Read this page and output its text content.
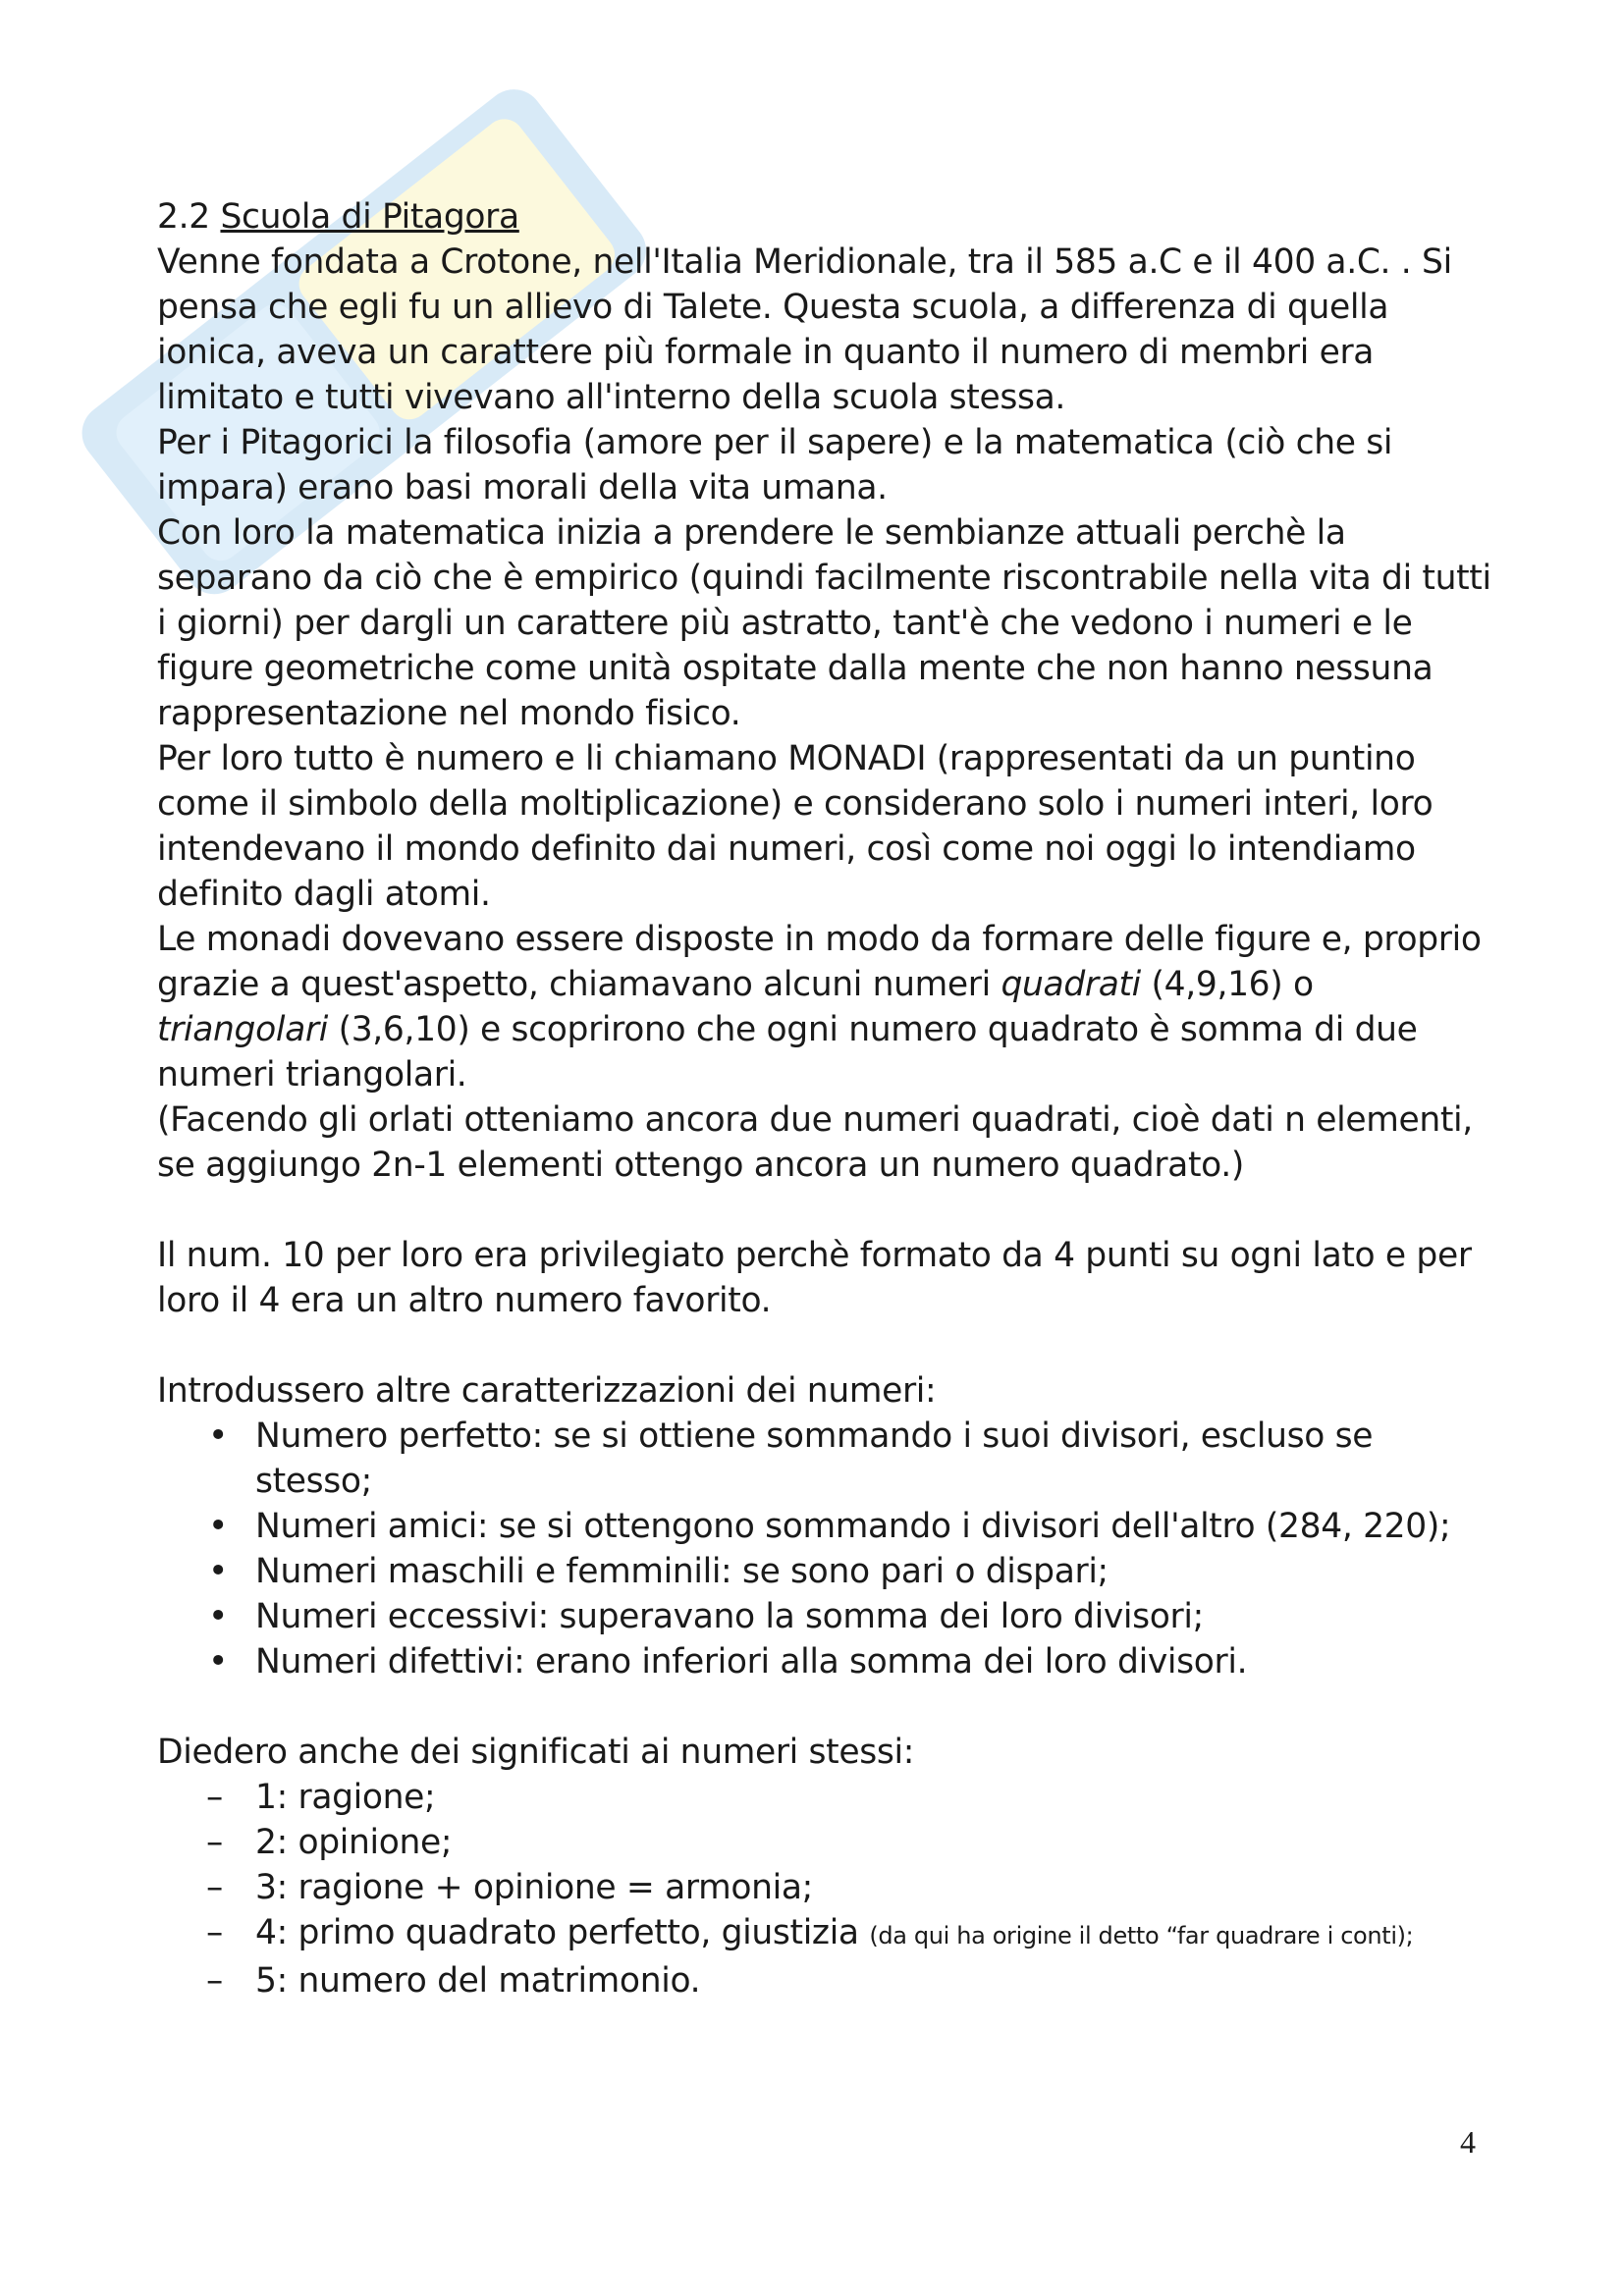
2.2 Scuola di Pitagora

Venne fondata a Crotone, nell'Italia Meridionale, tra il 585 a.C e il 400 a.C. . Si pensa che egli fu un allievo di Talete. Questa scuola, a differenza di quella ionica, aveva un carattere più formale in quanto il numero di membri era limitato e tutti vivevano all'interno della scuola stessa.

Per i Pitagorici la filosofia (amore per il sapere) e la matematica (ciò che si impara) erano basi morali della vita umana.

Con loro la matematica inizia a prendere le sembianze attuali perchè la separano da ciò che è empirico (quindi facilmente riscontrabile nella vita di tutti i giorni) per dargli un carattere più astratto, tant'è che vedono i numeri e le figure geometriche come unità ospitate dalla mente che non hanno nessuna rappresentazione nel mondo fisico.

Per loro tutto è numero e li chiamano MONADI (rappresentati da un puntino come il simbolo della moltiplicazione) e considerano solo i numeri interi, loro intendevano il mondo definito dai numeri, così come noi oggi lo intendiamo definito dagli atomi.

Le monadi dovevano essere disposte in modo da formare delle figure e, proprio grazie a quest'aspetto, chiamavano alcuni numeri quadrati (4,9,16) o triangolari (3,6,10) e scoprirono che ogni numero quadrato è somma di due numeri triangolari.

(Facendo gli orlati otteniamo ancora due numeri quadrati, cioè dati n elementi, se aggiungo 2n-1 elementi ottengo ancora un numero quadrato.)

Il num. 10 per loro era privilegiato perchè formato da 4 punti su ogni lato e per loro il 4 era un altro numero favorito.

Introdussero altre caratterizzazioni dei numeri:

• Numero perfetto: se si ottiene sommando i suoi divisori, escluso se stesso;
• Numeri amici: se si ottengono sommando i divisori dell'altro (284, 220);
• Numeri maschili e femminili: se sono pari o dispari;
• Numeri eccessivi: superavano la somma dei loro divisori;
• Numeri difettivi: erano inferiori alla somma dei loro divisori.

Diedero anche dei significati ai numeri stessi:

– 1: ragione;
– 2: opinione;
– 3: ragione + opinione = armonia;
– 4: primo quadrato perfetto, giustizia (da qui ha origine il detto “far quadrare i conti);
– 5: numero del matrimonio.
4
